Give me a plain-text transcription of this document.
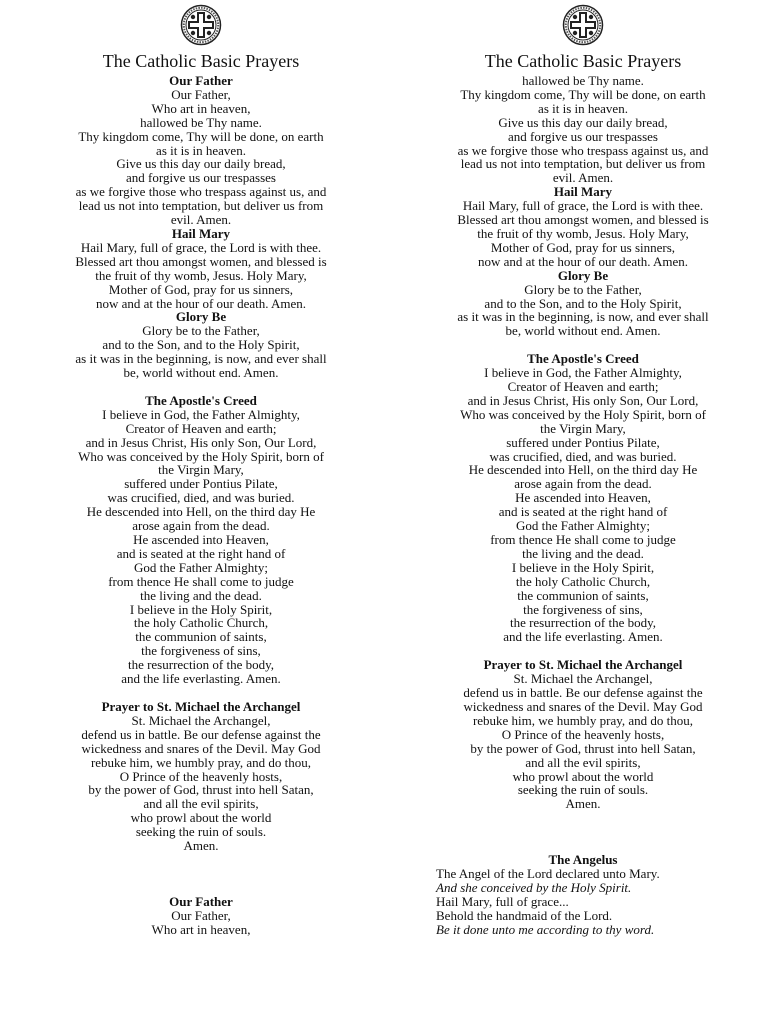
The Catholic Basic Prayers
Our Father
Our Father,
Who art in heaven,
hallowed be Thy name.
Thy kingdom come, Thy will be done, on earth
as it is in heaven.
Give us this day our daily bread,
and forgive us our trespasses
as we forgive those who trespass against us, and
lead us not into temptation, but deliver us from
evil. Amen.
Hail Mary
Hail Mary, full of grace, the Lord is with thee.
Blessed art thou amongst women, and blessed is
the fruit of thy womb, Jesus. Holy Mary,
Mother of God, pray for us sinners,
now and at the hour of our death. Amen.
Glory Be
Glory be to the Father,
and to the Son, and to the Holy Spirit,
as it was in the beginning, is now, and ever shall
be, world without end. Amen.
The Apostle's Creed
I believe in God, the Father Almighty,
Creator of Heaven and earth;
and in Jesus Christ, His only Son, Our Lord,
Who was conceived by the Holy Spirit, born of
the Virgin Mary,
suffered under Pontius Pilate,
was crucified, died, and was buried.
He descended into Hell, on the third day He
arose again from the dead.
He ascended into Heaven,
and is seated at the right hand of
God the Father Almighty;
from thence He shall come to judge
the living and the dead.
I believe in the Holy Spirit,
the holy Catholic Church,
the communion of saints,
the forgiveness of sins,
the resurrection of the body,
and the life everlasting. Amen.
Prayer to St. Michael the Archangel
St. Michael the Archangel,
defend us in battle. Be our defense against the
wickedness and snares of the Devil. May God
rebuke him, we humbly pray, and do thou,
O Prince of the heavenly hosts,
by the power of God, thrust into hell Satan,
and all the evil spirits,
who prowl about the world
seeking the ruin of souls.
Amen.
Our Father
Our Father,
Who art in heaven,
The Catholic Basic Prayers
hallowed be Thy name.
Thy kingdom come, Thy will be done, on earth
as it is in heaven.
Give us this day our daily bread,
and forgive us our trespasses
as we forgive those who trespass against us, and
lead us not into temptation, but deliver us from
evil. Amen.
Hail Mary
Hail Mary, full of grace, the Lord is with thee.
Blessed art thou amongst women, and blessed is
the fruit of thy womb, Jesus. Holy Mary,
Mother of God, pray for us sinners,
now and at the hour of our death. Amen.
Glory Be
Glory be to the Father,
and to the Son, and to the Holy Spirit,
as it was in the beginning, is now, and ever shall
be, world without end. Amen.
The Apostle's Creed
I believe in God, the Father Almighty,
Creator of Heaven and earth;
and in Jesus Christ, His only Son, Our Lord,
Who was conceived by the Holy Spirit, born of
the Virgin Mary,
suffered under Pontius Pilate,
was crucified, died, and was buried.
He descended into Hell, on the third day He
arose again from the dead.
He ascended into Heaven,
and is seated at the right hand of
God the Father Almighty;
from thence He shall come to judge
the living and the dead.
I believe in the Holy Spirit,
the holy Catholic Church,
the communion of saints,
the forgiveness of sins,
the resurrection of the body,
and the life everlasting. Amen.
Prayer to St. Michael the Archangel
St. Michael the Archangel,
defend us in battle. Be our defense against the
wickedness and snares of the Devil. May God
rebuke him, we humbly pray, and do thou,
O Prince of the heavenly hosts,
by the power of God, thrust into hell Satan,
and all the evil spirits,
who prowl about the world
seeking the ruin of souls.
Amen.
The Angelus
The Angel of the Lord declared unto Mary.
And she conceived by the Holy Spirit.
Hail Mary, full of grace...
Behold the handmaid of the Lord.
Be it done unto me according to thy word.
